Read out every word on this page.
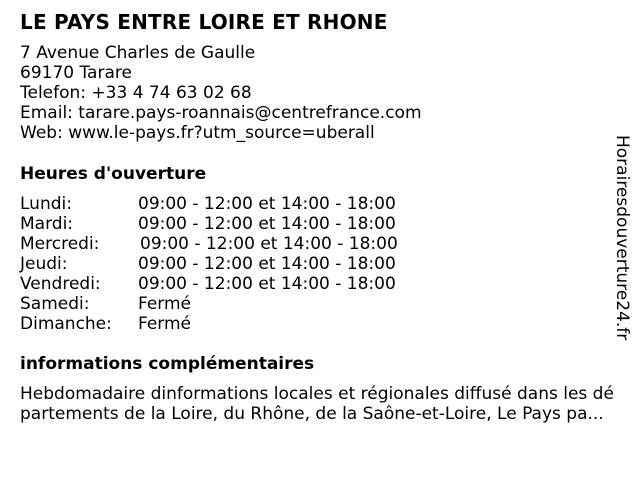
LE PAYS ENTRE LOIRE ET RHONE
7 Avenue Charles de Gaulle
69170 Tarare
Telefon: +33 4 74 63 02 68
Email: tarare.pays-roannais@centrefrance.com
Web: www.le-pays.fr?utm_source=uberall
Heures d'ouverture
Lundi:	09:00 - 12:00 et 14:00 - 18:00
Mardi:	09:00 - 12:00 et 14:00 - 18:00
Mercredi: 09:00 - 12:00 et 14:00 - 18:00
Jeudi:	09:00 - 12:00 et 14:00 - 18:00
Vendredi: 09:00 - 12:00 et 14:00 - 18:00
Samedi:	Fermé
Dimanche: Fermé
informations complémentaires
Hebdomadaire dinformations locales et régionales diffusé dans les dé
partements de la Loire, du Rhône, de la Saône-et-Loire, Le Pays pa...
Horairesdouverture24.fr
